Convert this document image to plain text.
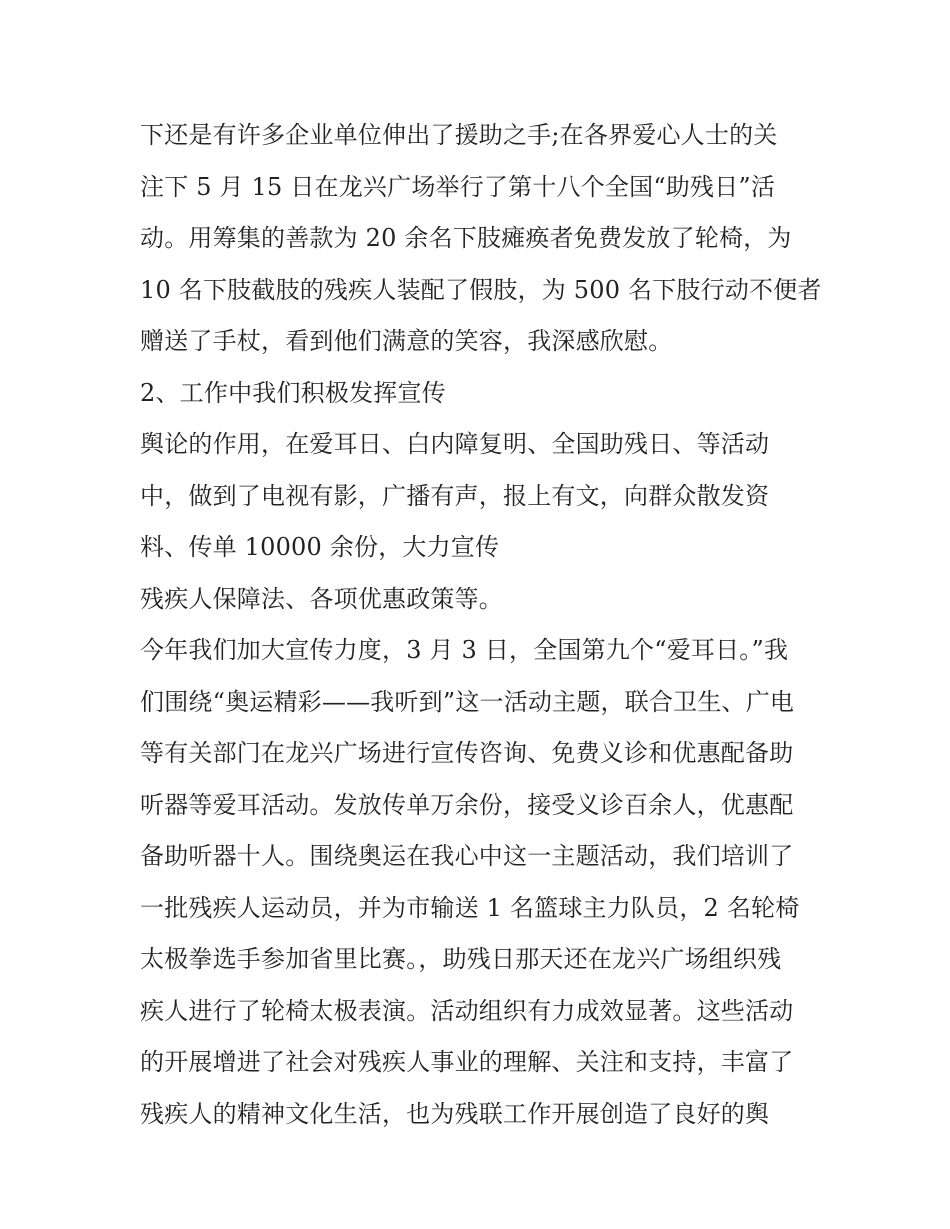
下还是有许多企业单位伸出了援助之手;在各界爱心人士的关
注下 5 月 15 日在龙兴广场举行了第十八个全国“助残日”活
动。用筹集的善款为 20 余名下肢瘫痪者免费发放了轮椅，为
10 名下肢截肢的残疾人装配了假肢，为 500 名下肢行动不便者
赠送了手杖，看到他们满意的笑容，我深感欣慰。
2、工作中我们积极发挥宣传
舆论的作用，在爱耳日、白内障复明、全国助残日、等活动
中，做到了电视有影，广播有声，报上有文，向群众散发资
料、传单 10000 余份，大力宣传
残疾人保障法、各项优惠政策等。
今年我们加大宣传力度，3 月 3 日，全国第九个“爱耳日。”我
们围绕“奥运精彩——我听到”这一活动主题，联合卫生、广电
等有关部门在龙兴广场进行宣传咨询、免费义诊和优惠配备助
听器等爱耳活动。发放传单万余份，接受义诊百余人，优惠配
备助听器十人。围绕奥运在我心中这一主题活动，我们培训了
一批残疾人运动员，并为市输送 1 名篮球主力队员，2 名轮椅
太极拳选手参加省里比赛。，助残日那天还在龙兴广场组织残
疾人进行了轮椅太极表演。活动组织有力成效显著。这些活动
的开展增进了社会对残疾人事业的理解、关注和支持，丰富了
残疾人的精神文化生活，也为残联工作开展创造了良好的舆
